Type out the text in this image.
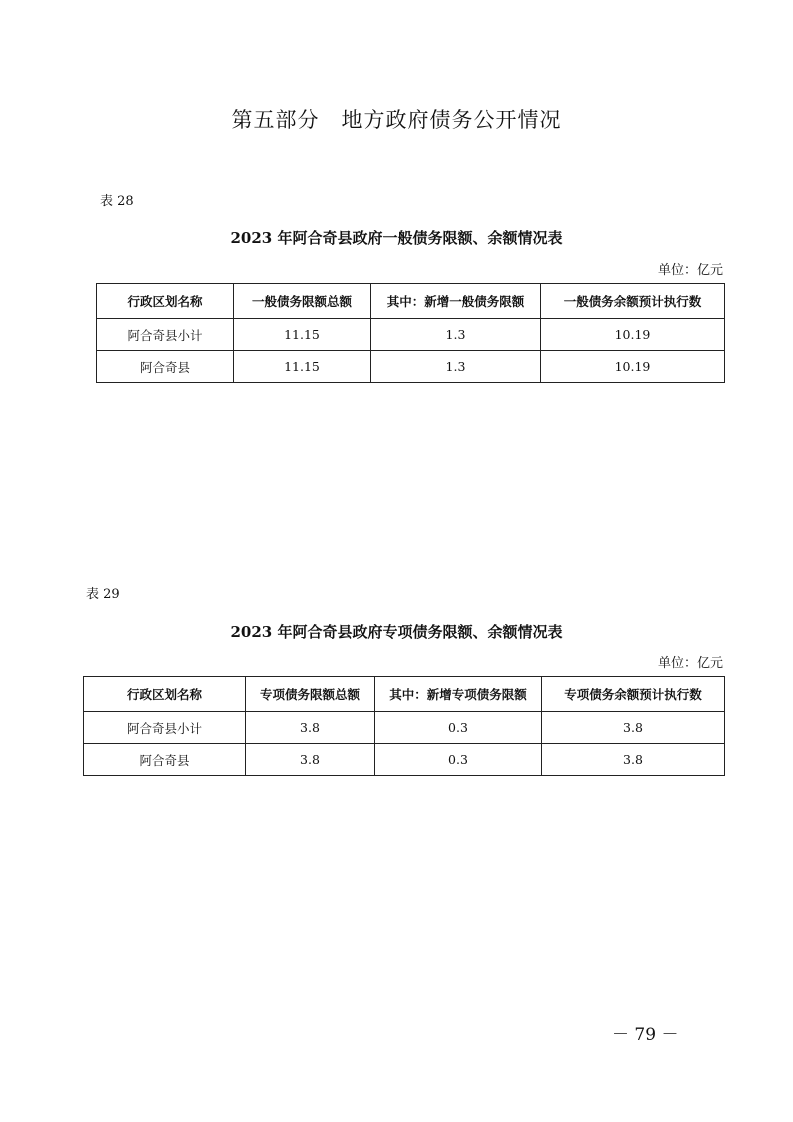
第五部分　地方政府债务公开情况
表 28
2023 年阿合奇县政府一般债务限额、余额情况表
单位：亿元
行政区划名称	一般债务限额总额	其中：新增一般债务限额	一般债务余额预计执行数
阿合奇县小计	11.15	1.3	10.19
阿合奇县	11.15	1.3	10.19
表 29
2023 年阿合奇县政府专项债务限额、余额情况表
单位：亿元
行政区划名称	专项债务限额总额	其中：新增专项债务限额	专项债务余额预计执行数
阿合奇县小计	3.8	0.3	3.8
阿合奇县	3.8	0.3	3.8
－ 79 －
